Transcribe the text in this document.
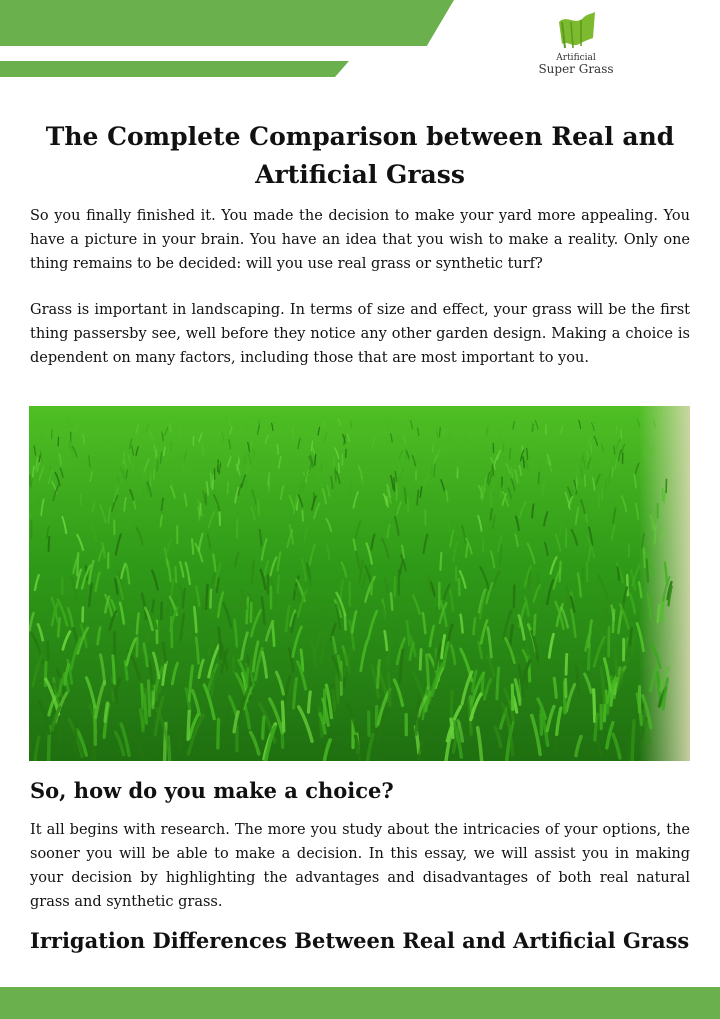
Artificial
Super Grass
The Complete Comparison between Real and Artificial Grass

So you finally finished it. You made the decision to make your yard more appealing. You have a picture in your brain. You have an idea that you wish to make a reality. Only one thing remains to be decided: will you use real grass or synthetic turf?

Grass is important in landscaping. In terms of size and effect, your grass will be the first thing passersby see, well before they notice any other garden design. Making a choice is dependent on many factors, including those that are most important to you.

So, how do you make a choice?

It all begins with research. The more you study about the intricacies of your options, the sooner you will be able to make a decision. In this essay, we will assist you in making your decision by highlighting the advantages and disadvantages of both real natural grass and synthetic grass.

Irrigation Differences Between Real and Artificial Grass
